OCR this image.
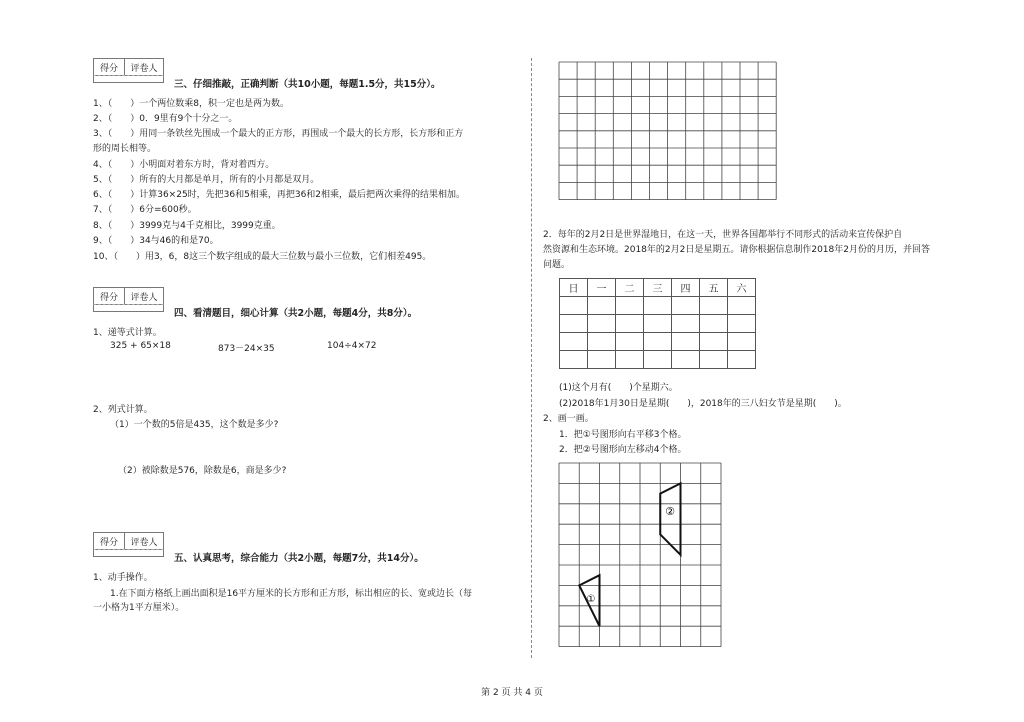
得分	评卷人
三、仔细推敲，正确判断（共10小题，每题1.5分，共15分）。
1、（　　）一个两位数乘8，积一定也是两为数。
2、（　　）0．9里有9个十分之一。
3、（　　）用同一条铁丝先围成一个最大的正方形，再围成一个最大的长方形，长方形和正方
形的周长相等。
4、（　　）小明面对着东方时，背对着西方。
5、（　　）所有的大月都是单月，所有的小月都是双月。
6、（　　）计算36×25时，先把36和5相乘，再把36和2相乘，最后把两次乘得的结果相加。
7、（　　）6分=600秒。
8、（　　）3999克与4千克相比，3999克重。
9、（　　）34与46的和是70。
10、（　　）用3，6，8这三个数字组成的最大三位数与最小三位数，它们相差495。
得分	评卷人
四、看清题目，细心计算（共2小题，每题4分，共8分）。
1、递等式计算。
325 + 65×18	873－24×35	104÷4×72
2、列式计算。
（1）一个数的5倍是435，这个数是多少?
（2）被除数是576，除数是6，商是多少?
得分	评卷人
五、认真思考，综合能力（共2小题，每题7分，共14分）。
1、动手操作。
1.在下面方格纸上画出面积是16平方厘米的长方形和正方形，标出相应的长、宽或边长（每
一小格为1平方厘米）。
2．每年的2月2日是世界湿地日，在这一天，世界各国都举行不同形式的活动来宣传保护自
然资源和生态环境。2018年的2月2日是星期五。请你根据信息制作2018年2月份的月历，并回答
问题。
日	一	二	三	四	五	六

(1)这个月有(　　)个星期六。
(2)2018年1月30日是星期(　　)，2018年的三八妇女节是星期(　　)。
2、画一画。
1．把①号图形向右平移3个格。
2．把②号图形向左移动4个格。
②
①
第 2 页 共 4 页
